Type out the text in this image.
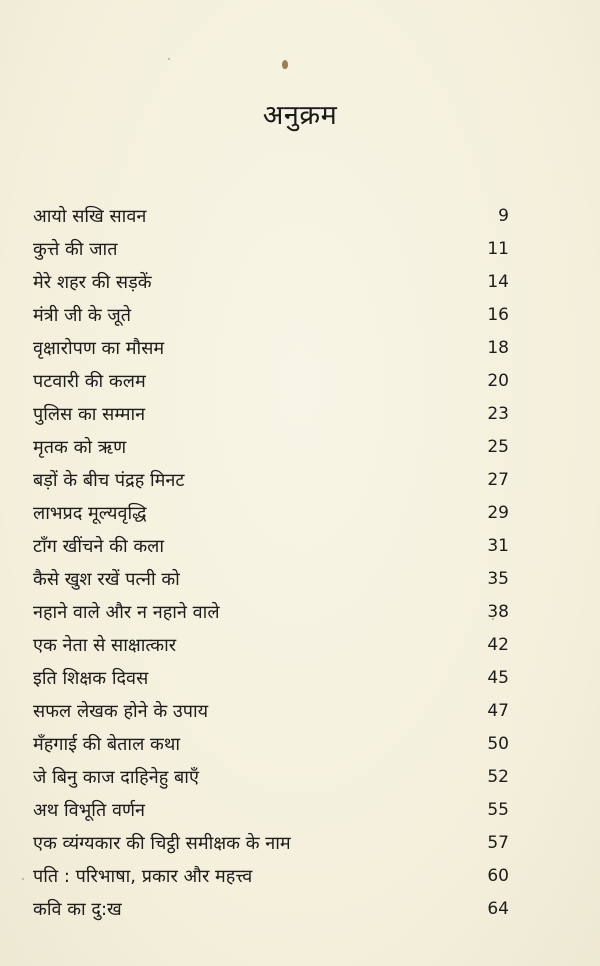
अनुक्रम
आयो सखि सावन	9
कुत्ते की जात	11
मेरे शहर की सड़कें	14
मंत्री जी के जूते	16
वृक्षारोपण का मौसम	18
पटवारी की कलम	20
पुलिस का सम्मान	23
मृतक को ऋण	25
बड़ों के बीच पंद्रह मिनट	27
लाभप्रद मूल्यवृद्धि	29
टाँग खींचने की कला	31
कैसे खुश रखें पत्नी को	35
नहाने वाले और न नहाने वाले	38
एक नेता से साक्षात्कार	42
इति शिक्षक दिवस	45
सफल लेखक होने के उपाय	47
मँहगाई की बेताल कथा	50
जे बिनु काज दाहिनेहु बाएँ	52
अथ विभूति वर्णन	55
एक व्यंग्यकार की चिट्ठी समीक्षक के नाम	57
पति : परिभाषा, प्रकार और महत्त्व	60
कवि का दु:ख	64
